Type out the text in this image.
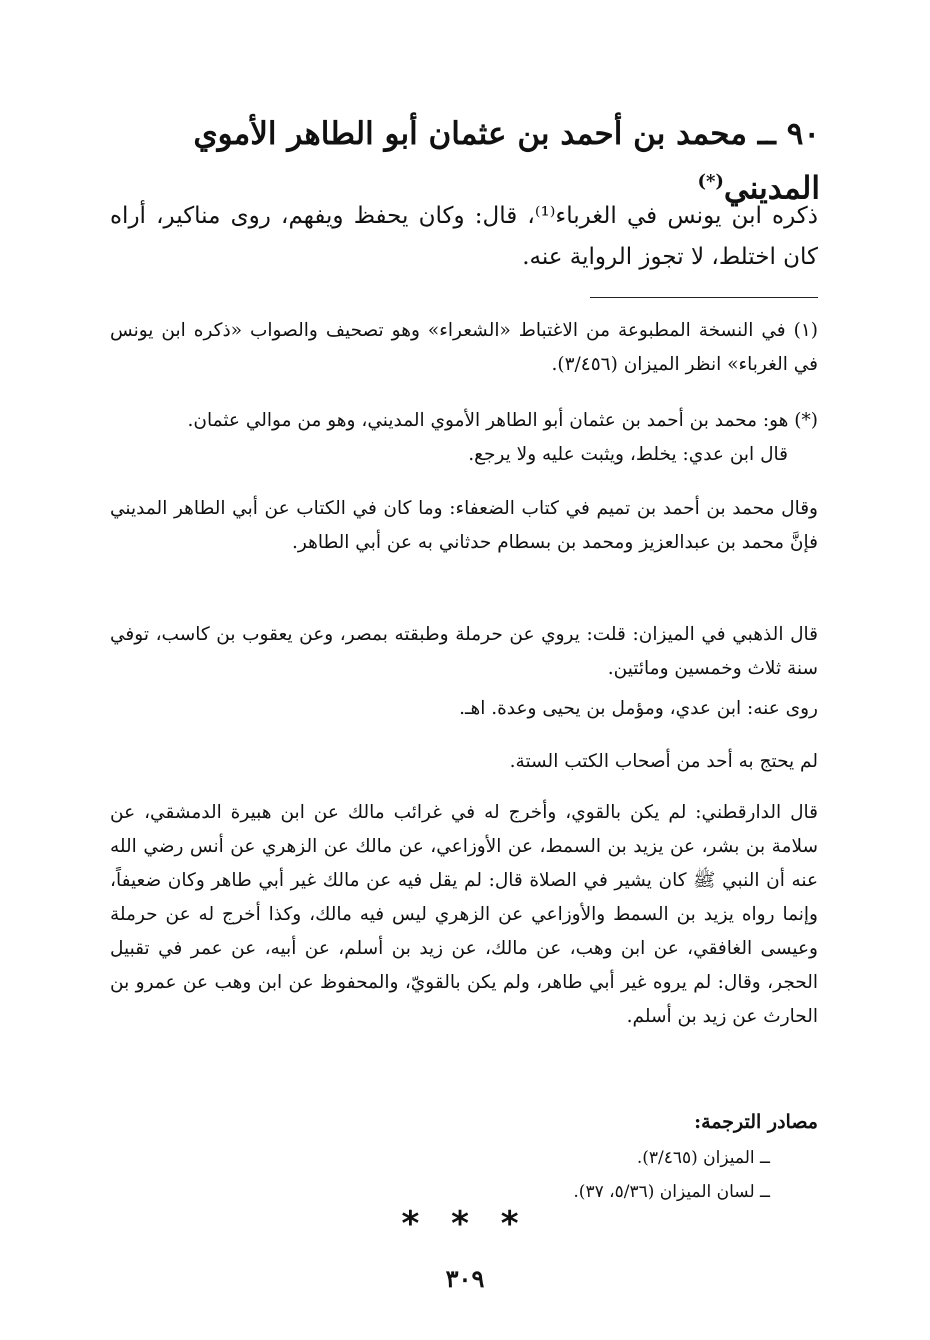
٩٠ ــ محمد بن أحمد بن عثمان أبو الطاهر الأموي المديني(*)
ذكره ابن يونس في الغرباء⁽¹⁾، قال: وكان يحفظ ويفهم، روى مناكير، أراه كان اختلط، لا تجوز الرواية عنه.
(١) في النسخة المطبوعة من الاغتباط «الشعراء» وهو تصحيف والصواب «ذكره ابن يونس في الغرباء» انظر الميزان (٣/٤٥٦).
(*) هو: محمد بن أحمد بن عثمان أبو الطاهر الأموي المديني، وهو من موالي عثمان.
قال ابن عدي: يخلط، ويثبت عليه ولا يرجع.
وقال محمد بن أحمد بن تميم في كتاب الضعفاء: وما كان في الكتاب عن أبي الطاهر المديني فإنَّ محمد بن عبدالعزيز ومحمد بن بسطام حدثاني به عن أبي الطاهر.
قال الذهبي في الميزان: قلت: يروي عن حرملة وطبقته بمصر، وعن يعقوب بن كاسب، توفي سنة ثلاث وخمسين ومائتين.
روى عنه: ابن عدي، ومؤمل بن يحيى وعدة. اهـ.
لم يحتج به أحد من أصحاب الكتب الستة.
قال الدارقطني: لم يكن بالقوي، وأخرج له في غرائب مالك عن ابن هبيرة الدمشقي، عن سلامة بن بشر، عن يزيد بن السمط، عن الأوزاعي، عن مالك عن الزهري عن أنس رضي الله عنه أن النبي ﷺ كان يشير في الصلاة قال: لم يقل فيه عن مالك غير أبي طاهر وكان ضعيفاً، وإنما رواه يزيد بن السمط والأوزاعي عن الزهري ليس فيه مالك، وكذا أخرج له عن حرملة وعيسى الغافقي، عن ابن وهب، عن مالك، عن زيد بن أسلم، عن أبيه، عن عمر في تقبيل الحجر، وقال: لم يروه غير أبي طاهر، ولم يكن بالقويّ، والمحفوظ عن ابن وهب عن عمرو بن الحارث عن زيد بن أسلم.
مصادر الترجمة:
ــ الميزان (٣/٤٦٥).
ــ لسان الميزان (٥/٣٦، ٣٧).
* * *
٣٠٩
